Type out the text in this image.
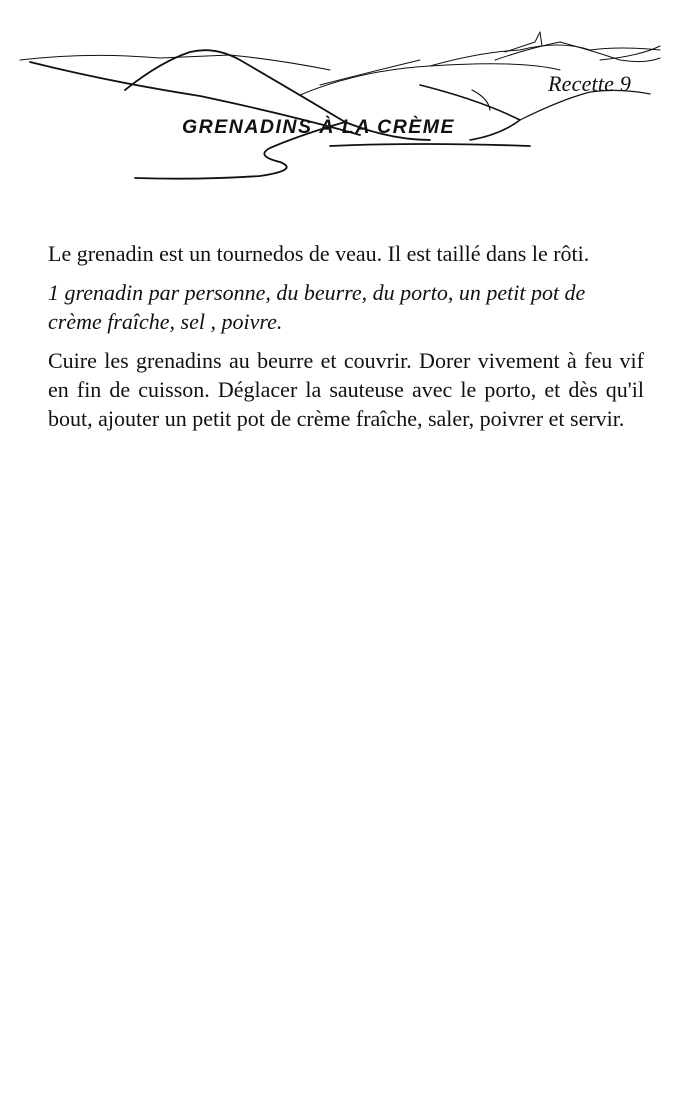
Recette 9
GRENADINS À LA CRÈME

Le grenadin est un tournedos de veau. Il est taillé dans le rôti.

1 grenadin par personne, du beurre, du porto, un petit pot de crème fraîche, sel , poivre.

Cuire les grenadins au beurre et couvrir. Dorer vivement à feu vif en fin de cuisson. Déglacer la sauteuse avec le porto, et dès qu'il bout, ajouter un petit pot de crème fraîche, saler, poivrer et servir.
